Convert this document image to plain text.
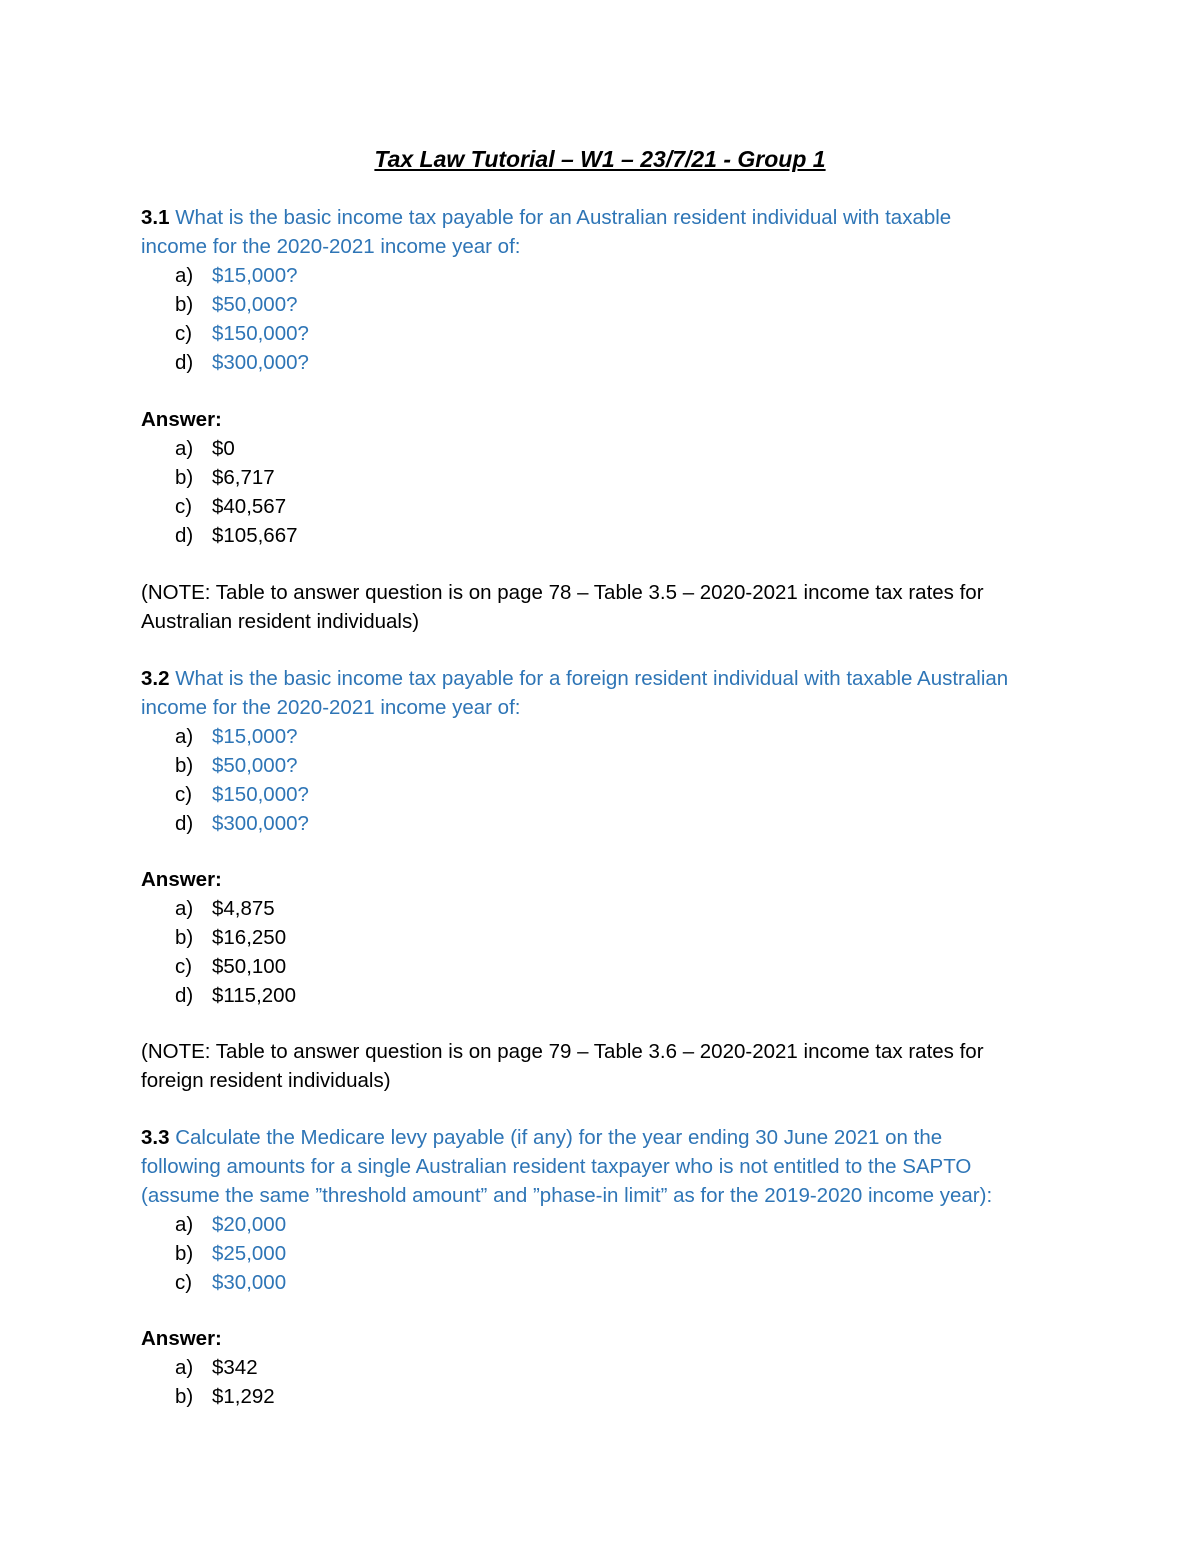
Tax Law Tutorial – W1 – 23/7/21 - Group 1
3.1 What is the basic income tax payable for an Australian resident individual with taxable
income for the 2020-2021 income year of:
a) $15,000?
b) $50,000?
c) $150,000?
d) $300,000?
Answer:
a) $0
b) $6,717
c) $40,567
d) $105,667
(NOTE: Table to answer question is on page 78 – Table 3.5 – 2020-2021 income tax rates for
Australian resident individuals)
3.2 What is the basic income tax payable for a foreign resident individual with taxable Australian
income for the 2020-2021 income year of:
a) $15,000?
b) $50,000?
c) $150,000?
d) $300,000?
Answer:
a) $4,875
b) $16,250
c) $50,100
d) $115,200
(NOTE: Table to answer question is on page 79 – Table 3.6 – 2020-2021 income tax rates for
foreign resident individuals)
3.3 Calculate the Medicare levy payable (if any) for the year ending 30 June 2021 on the
following amounts for a single Australian resident taxpayer who is not entitled to the SAPTO
(assume the same ”threshold amount” and ”phase-in limit” as for the 2019-2020 income year):
a) $20,000
b) $25,000
c) $30,000
Answer:
a) $342
b) $1,292
